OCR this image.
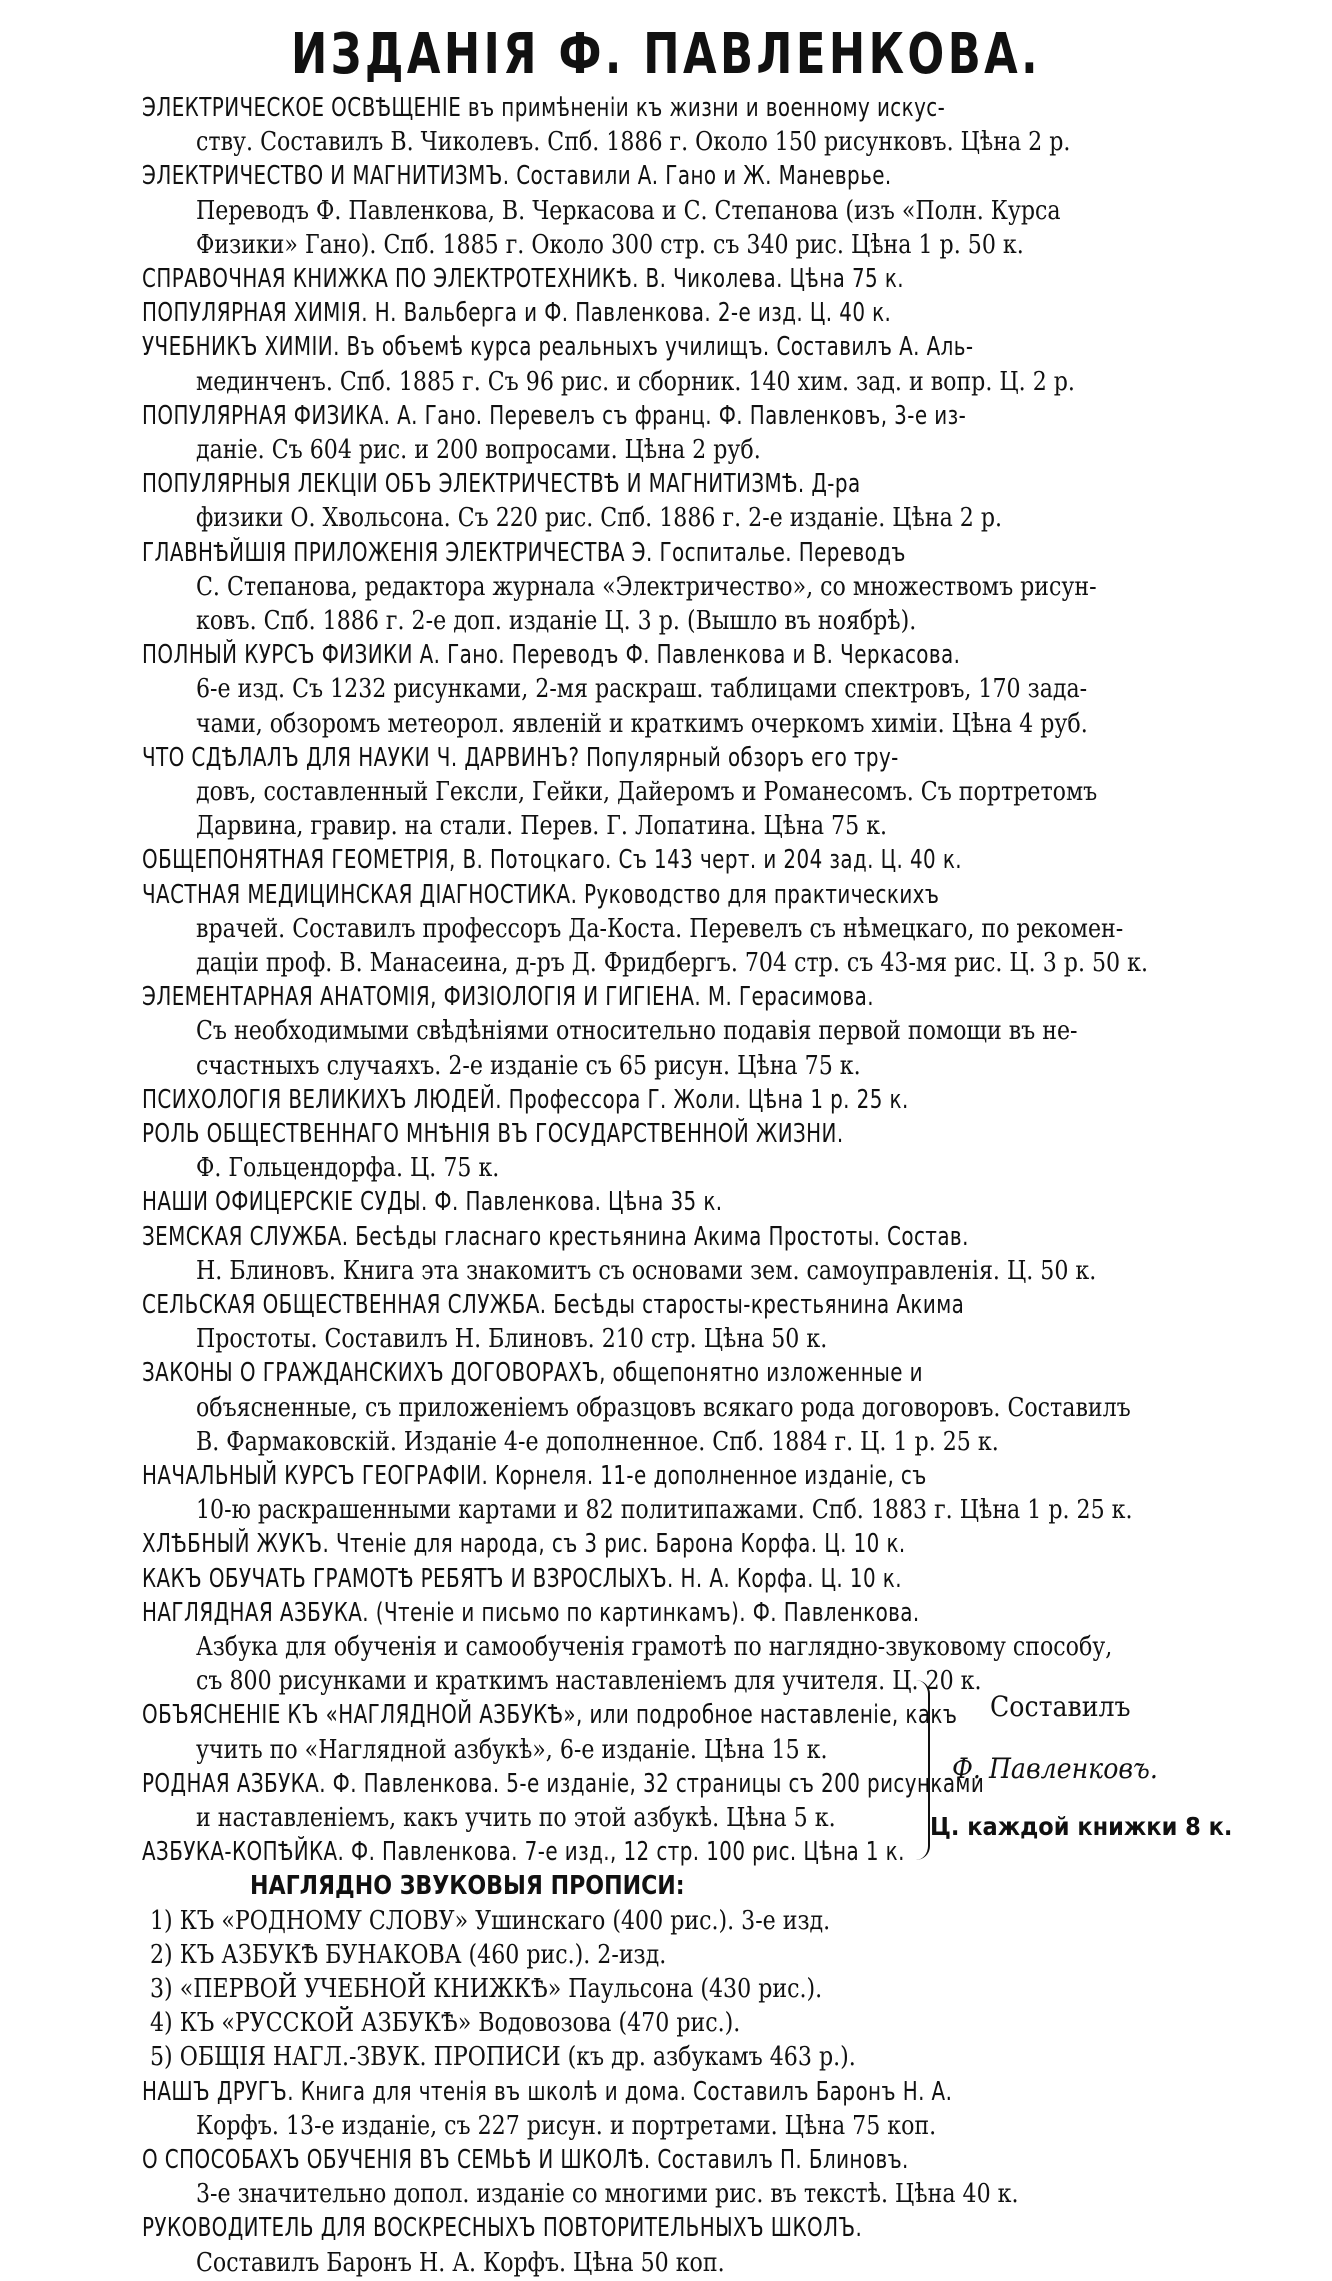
ИЗДАНІЯ Ф. ПАВЛЕНКОВА.
ЭЛЕКТРИЧЕСКОЕ ОСВѢЩЕНІЕ въ примѣненіи къ жизни и военному искус-
ству. Составилъ В. Чиколевъ. Спб. 1886 г. Около 150 рисунковъ. Цѣна 2 р.
ЭЛЕКТРИЧЕСТВО И МАГНИТИЗМЪ. Составили А. Гано и Ж. Маневрье.
Переводъ Ф. Павленкова, В. Черкасова и С. Степанова (изъ «Полн. Курса
Физики» Гано). Спб. 1885 г. Около 300 стр. съ 340 рис. Цѣна 1 р. 50 к.
СПРАВОЧНАЯ КНИЖКА ПО ЭЛЕКТРОТЕХНИКѢ. В. Чиколева. Цѣна 75 к.
ПОПУЛЯРНАЯ ХИМІЯ. Н. Вальберга и Ф. Павленкова. 2-е изд. Ц. 40 к.
УЧЕБНИКЪ ХИМІИ. Въ объемѣ курса реальныхъ училищъ. Составилъ А. Аль-
мединченъ. Спб. 1885 г. Съ 96 рис. и сборник. 140 хим. зад. и вопр. Ц. 2 р.
ПОПУЛЯРНАЯ ФИЗИКА. А. Гано. Перевелъ съ франц. Ф. Павленковъ, 3-е из-
даніе. Съ 604 рис. и 200 вопросами. Цѣна 2 руб.
ПОПУЛЯРНЫЯ ЛЕКЦІИ ОБЪ ЭЛЕКТРИЧЕСТВѢ И МАГНИТИЗМѢ. Д-ра
физики О. Хвольсона. Съ 220 рис. Спб. 1886 г. 2-е изданіе. Цѣна 2 р.
ГЛАВНѢЙШІЯ ПРИЛОЖЕНІЯ ЭЛЕКТРИЧЕСТВА Э. Госпиталье. Переводъ
С. Степанова, редактора журнала «Электричество», со множествомъ рисун-
ковъ. Спб. 1886 г. 2-е доп. изданіе Ц. 3 р. (Вышло въ ноябрѣ).
ПОЛНЫЙ КУРСЪ ФИЗИКИ А. Гано. Переводъ Ф. Павленкова и В. Черкасова.
6-е изд. Съ 1232 рисунками, 2-мя раскраш. таблицами спектровъ, 170 зада-
чами, обзоромъ метеорол. явленій и краткимъ очеркомъ химіи. Цѣна 4 руб.
ЧТО СДѢЛАЛЪ ДЛЯ НАУКИ Ч. ДАРВИНЪ? Популярный обзоръ его тру-
довъ, составленный Гексли, Гейки, Дайеромъ и Романесомъ. Съ портретомъ
Дарвина, гравир. на стали. Перев. Г. Лопатина. Цѣна 75 к.
ОБЩЕПОНЯТНАЯ ГЕОМЕТРІЯ, В. Потоцкаго. Съ 143 черт. и 204 зад. Ц. 40 к.
ЧАСТНАЯ МЕДИЦИНСКАЯ ДІАГНОСТИКА. Руководство для практическихъ
врачей. Составилъ профессоръ Да-Коста. Перевелъ съ нѣмецкаго, по рекомен-
даціи проф. В. Манасеина, д-ръ Д. Фридбергъ. 704 стр. съ 43-мя рис. Ц. 3 р. 50 к.
ЭЛЕМЕНТАРНАЯ АНАТОМІЯ, ФИЗІОЛОГІЯ И ГИГІЕНА. М. Герасимова.
Съ необходимыми свѣдѣніями относительно подавія первой помощи въ не-
счастныхъ случаяхъ. 2-е изданіе съ 65 рисун. Цѣна 75 к.
ПСИХОЛОГІЯ ВЕЛИКИХЪ ЛЮДЕЙ. Профессора Г. Жоли. Цѣна 1 р. 25 к.
РОЛЬ ОБЩЕСТВЕННАГО МНѢНІЯ ВЪ ГОСУДАРСТВЕННОЙ ЖИЗНИ.
Ф. Гольцендорфа. Ц. 75 к.
НАШИ ОФИЦЕРСКІЕ СУДЫ. Ф. Павленкова. Цѣна 35 к.
ЗЕМСКАЯ СЛУЖБА. Бесѣды гласнаго крестьянина Акима Простоты. Состав.
Н. Блиновъ. Книга эта знакомитъ съ основами зем. самоуправленія. Ц. 50 к.
СЕЛЬСКАЯ ОБЩЕСТВЕННАЯ СЛУЖБА. Бесѣды старосты-крестьянина Акима
Простоты. Составилъ Н. Блиновъ. 210 стр. Цѣна 50 к.
ЗАКОНЫ О ГРАЖДАНСКИХЪ ДОГОВОРАХЪ, общепонятно изложенные и
объясненные, съ приложеніемъ образцовъ всякаго рода договоровъ. Составилъ
В. Фармаковскій. Изданіе 4-е дополненное. Спб. 1884 г. Ц. 1 р. 25 к.
НАЧАЛЬНЫЙ КУРСЪ ГЕОГРАФІИ. Корнеля. 11-е дополненное изданіе, съ
10-ю раскрашенными картами и 82 политипажами. Спб. 1883 г. Цѣна 1 р. 25 к.
ХЛѢБНЫЙ ЖУКЪ. Чтеніе для народа, съ 3 рис. Барона Корфа. Ц. 10 к.
КАКЪ ОБУЧАТЬ ГРАМОТѢ РЕБЯТЪ И ВЗРОСЛЫХЪ. Н. А. Корфа. Ц. 10 к.
НАГЛЯДНАЯ АЗБУКА. (Чтеніе и письмо по картинкамъ). Ф. Павленкова.
Азбука для обученія и самообученія грамотѣ по наглядно-звуковому способу,
съ 800 рисунками и краткимъ наставленіемъ для учителя. Ц. 20 к.
ОБЪЯСНЕНІЕ КЪ «НАГЛЯДНОЙ АЗБУКѢ», или подробное наставленіе, какъ
учить по «Наглядной азбукѣ», 6-е изданіе. Цѣна 15 к.
РОДНАЯ АЗБУКА. Ф. Павленкова. 5-е изданіе, 32 страницы съ 200 рисунками
и наставленіемъ, какъ учить по этой азбукѣ. Цѣна 5 к.
АЗБУКА-КОПѢЙКА. Ф. Павленкова. 7-е изд., 12 стр. 100 рис. Цѣна 1 к.
НАГЛЯДНО ЗВУКОВЫЯ ПРОПИСИ:
1) КЪ «РОДНОМУ СЛОВУ» Ушинскаго (400 рис.). 3-е изд.
2) КЪ АЗБУКѢ БУНАКОВА (460 рис.). 2-изд.
3) «ПЕРВОЙ УЧЕБНОЙ КНИЖКѢ» Паульсона (430 рис.).
4) КЪ «РУССКОЙ АЗБУКѢ» Водовозова (470 рис.).
5) ОБЩІЯ НАГЛ.-ЗВУК. ПРОПИСИ (къ др. азбукамъ 463 р.).
НАШЪ ДРУГЪ. Книга для чтенія въ школѣ и дома. Составилъ Баронъ Н. А.
Корфъ. 13-е изданіе, съ 227 рисун. и портретами. Цѣна 75 коп.
О СПОСОБАХЪ ОБУЧЕНІЯ ВЪ СЕМЬѢ И ШКОЛѢ. Составилъ П. Блиновъ.
3-е значительно допол. изданіе со многими рис. въ текстѣ. Цѣна 40 к.
РУКОВОДИТЕЛЬ ДЛЯ ВОСКРЕСНЫХЪ ПОВТОРИТЕЛЬНЫХЪ ШКОЛЪ.
Составилъ Баронъ Н. А. Корфъ. Цѣна 50 коп.
Составилъ
Ф. Павленковъ.
Ц. каждой книжки 8 к.
